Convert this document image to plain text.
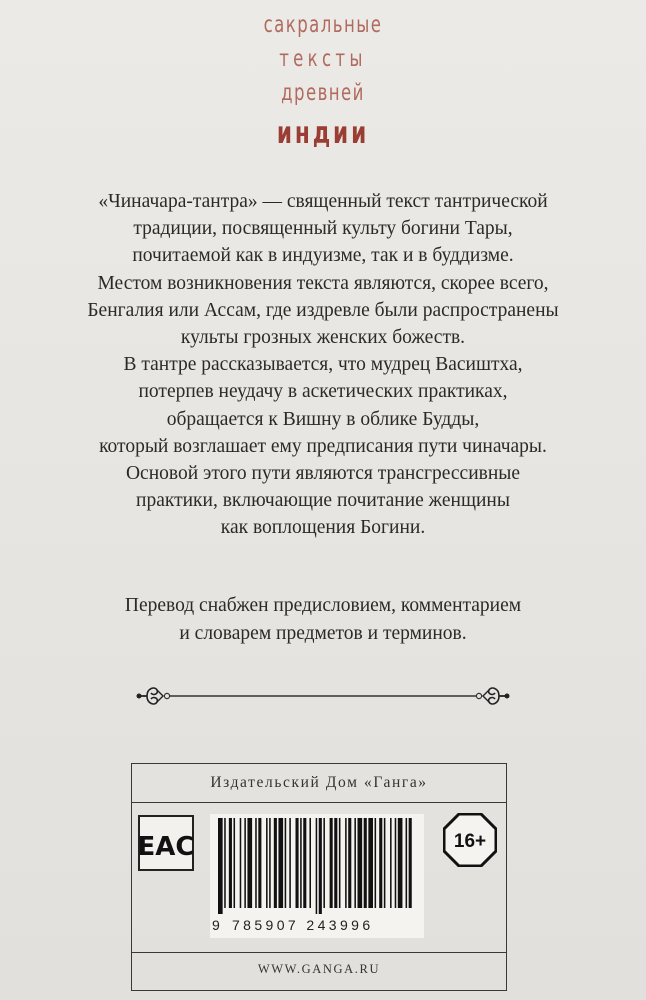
сакральные
тексты
древней
индии

«Чиначара-тантра» — священный текст тантрической

традиции, посвященный культу богини Тары,

почитаемой как в индуизме, так и в буддизме.

Местом возникновения текста являются, скорее всего,

Бенгалия или Ассам, где издревле были распространены

культы грозных женских божеств.

В тантре рассказывается, что мудрец Васиштха,

потерпев неудачу в аскетических практиках,

обращается к Вишну в облике Будды,

который возглашает ему предписания пути чиначары.

Основой этого пути являются трансгрессивные

практики, включающие почитание женщины

как воплощения Богини.

Перевод снабжен предисловием, комментарием

и словарем предметов и терминов.

Издательский Дом «Ганга»
ЕАС
9 785907 243996
16+
WWW.GANGA.RU
